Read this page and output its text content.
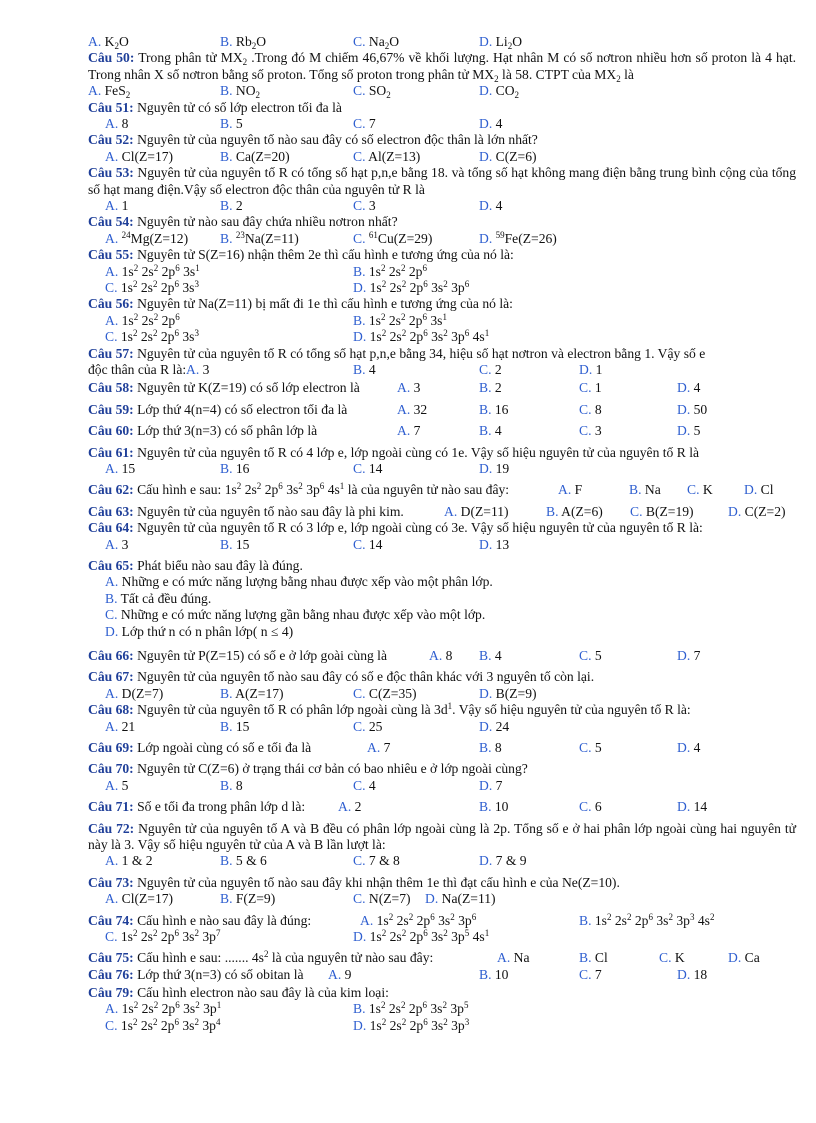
A. $K_2O$	B. $Rb_2O$	C. $Na_2O$	D. $Li_2O$
Câu 50: Trong phân tử $MX_2$ .Trong đó M chiếm 46,67% về khối lượng. Hạt nhân M có số nơtron nhiều hơn số proton là 4 hạt. Trong nhân X số nơtron bằng số proton. Tổng số proton trong phân tử $MX_2$ là 58. CTPT của $MX_2$ là
A. FeS$_2$	B. $NO_2$	C. $SO_2$	D. $CO_2$
Câu 51: Nguyên tử có số lớp electron tối đa là
A. 8	B. 5	C. 7	D. 4
Câu 52: Nguyên tử của nguyên tố nào sau đây có số electron độc thân là lớn nhất?
A. Cl(Z=17)	B. Ca(Z=20)	C. Al(Z=13)	D. C(Z=6)
Câu 53: Nguyên tử của nguyên tố R có tổng số hạt p,n,e bằng 18. và tổng số hạt không mang điện bằng trung bình cộng của tổng số hạt mang điện.Vậy số electron độc thân của nguyên tử R là
A. 1	B. 2	C. 3	D. 4
Câu 54: Nguyên tử nào sau đây chứa nhiều nơtron nhất?
A. $^{24}$Mg(Z=12) B. $^{23}$Na(Z=11)	C. $^{61}$Cu(Z=29)	D. $^{59}$Fe(Z=26)
Câu 55: Nguyên tử S(Z=16) nhận thêm 2e thì cấu hình e tương ứng của nó là:
A. $1s^2$ $2s^2$ $2p^6$ $3s^1$	B. $1s^2$ $2s^2$ $2p^6$
C. $1s^2$ $2s^2$ $2p^6$ $3s^3$	D. $1s^2$ $2s^2$ $2p^6$ $3s^2$ $3p^6$
Câu 56: Nguyên tử Na(Z=11) bị mất đi 1e thì cấu hình e tương ứng của nó là:
A. $1s^2$ $2s^2$ $2p^6$	B. $1s^2$ $2s^2$ $2p^6$ $3s^1$
C. $1s^2$ $2s^2$ $2p^6$ $3s^3$	D. $1s^2$ $2s^2$ $2p^6$ $3s^2$ $3p^6$ $4s^1$
Câu 57: Nguyên tử của nguyên tố R có tổng số hạt p,n,e bằng 34, hiệu số hạt nơtron và electron bằng 1. Vậy số e
độc thân của R là: A. 3	B. 4	C. 2	D. 1
Câu 58: Nguyên tử K(Z=19) có số lớp electron là	A. 3	B. 2	C. 1	D. 4
Câu 59: Lớp thứ 4(n=4) có số electron tối đa là	A. 32	B. 16	C. 8	D. 50
Câu 60: Lớp thứ 3(n=3) có số phân lớp là	A. 7	B. 4	C. 3	D. 5
Câu 61: Nguyên tử của nguyên tố R có 4 lớp e, lớp ngoài cùng có 1e. Vậy số hiệu nguyên tử của nguyên tố R là
A. 15	B. 16	C. 14	D. 19
Câu 62: Cấu hình e sau: $1s^2$ $2s^2$ $2p^6$ $3s^2$ $3p^6$ $4s^1$ là của nguyên tử nào sau đây:	A. F	B. Na C. K D. Cl
Câu 63: Nguyên tử của nguyên tố nào sau đây là phi kim.	A. D(Z=11)	B. A(Z=6) C. B(Z=19)	D. C(Z=2)
Câu 64: Nguyên tử của nguyên tố R có 3 lớp e, lớp ngoài cùng có 3e. Vậy số hiệu nguyên tử của nguyên tố R là:
A. 3	B. 15	C. 14	D. 13
Câu 65: Phát biểu nào sau đây là đúng.
A. Những e có mức năng lượng bằng nhau được xếp vào một phân lớp.
B. Tất cả đều đúng.
C. Những e có mức năng lượng gần bằng nhau được xếp vào một lớp.
D. Lớp thứ n có n phân lớp( n ≤ 4)
Câu 66: Nguyên tử P(Z=15) có số e ở lớp goài cùng là	A. 8 B. 4	C. 5	D. 7
Câu 67: Nguyên tử của nguyên tố nào sau đây có số e độc thân khác với 3 nguyên tố còn lại.
A. D(Z=7)	B. A(Z=17)	C. C(Z=35)	D. B(Z=9)
Câu 68: Nguyên tử của nguyên tố R có phân lớp ngoài cùng là $3d^1$. Vậy số hiệu nguyên tử của nguyên tố R là:
A. 21	B. 15	C. 25	D. 24
Câu 69: Lớp ngoài cùng có số e tối đa là	A. 7	B. 8	C. 5	D. 4
Câu 70: Nguyên tử C(Z=6) ở trạng thái cơ bản có bao nhiêu e ở lớp ngoài cùng?
A. 5	B. 8	C. 4	D. 7
Câu 71: Số e tối đa trong phân lớp d là: A. 2	B. 10	C. 6	D. 14
Câu 72: Nguyên tử của nguyên tố A và B đều có phân lớp ngoài cùng là 2p. Tổng số e ở hai phân lớp ngoài cùng hai nguyên tử này là 3. Vậy số hiệu nguyên tử của A và B lần lượt là:
A. 1 & 2	B. 5 & 6	C. 7 & 8	D. 7 & 9
Câu 73: Nguyên tử của nguyên tố nào sau đây khi nhận thêm 1e thì đạt cấu hình e của Ne(Z=10).
A. Cl(Z=17)	B. F(Z=9)	C. N(Z=7) D. Na(Z=11)
Câu 74: Cấu hình e nào sau đây là đúng:	A. $1s^2$ $2s^2$ $2p^6$ $3s^2$ $3p^6$	B. $1s^2$ $2s^2$ $2p^6$ $3s^2$ $3p^3$ $4s^2$
C. $1s^2$ $2s^2$ $2p^6$ $3s^2$ $3p^7$	D. $1s^2$ $2s^2$ $2p^6$ $3s^2$ $3p^5$ $4s^1$
Câu 75: Cấu hình e sau: ....... $4s^2$ là của nguyên tử nào sau đây:	A. Na	B. Cl	C. K	D. Ca
Câu 76: Lớp thứ 3(n=3) có số obitan là A. 9	B. 10	C. 7	D. 18
Câu 79: Cấu hình electron nào sau đây là của kim loại:
A. $1s^2$ $2s^2$ $2p^6$ $3s^2$ $3p^1$	B. $1s^2$ $2s^2$ $2p^6$ $3s^2$ $3p^5$
C. $1s^2$ $2s^2$ $2p^6$ $3s^2$ $3p^4$	D. $1s^2$ $2s^2$ $2p^6$ $3s^2$ $3p^3$
